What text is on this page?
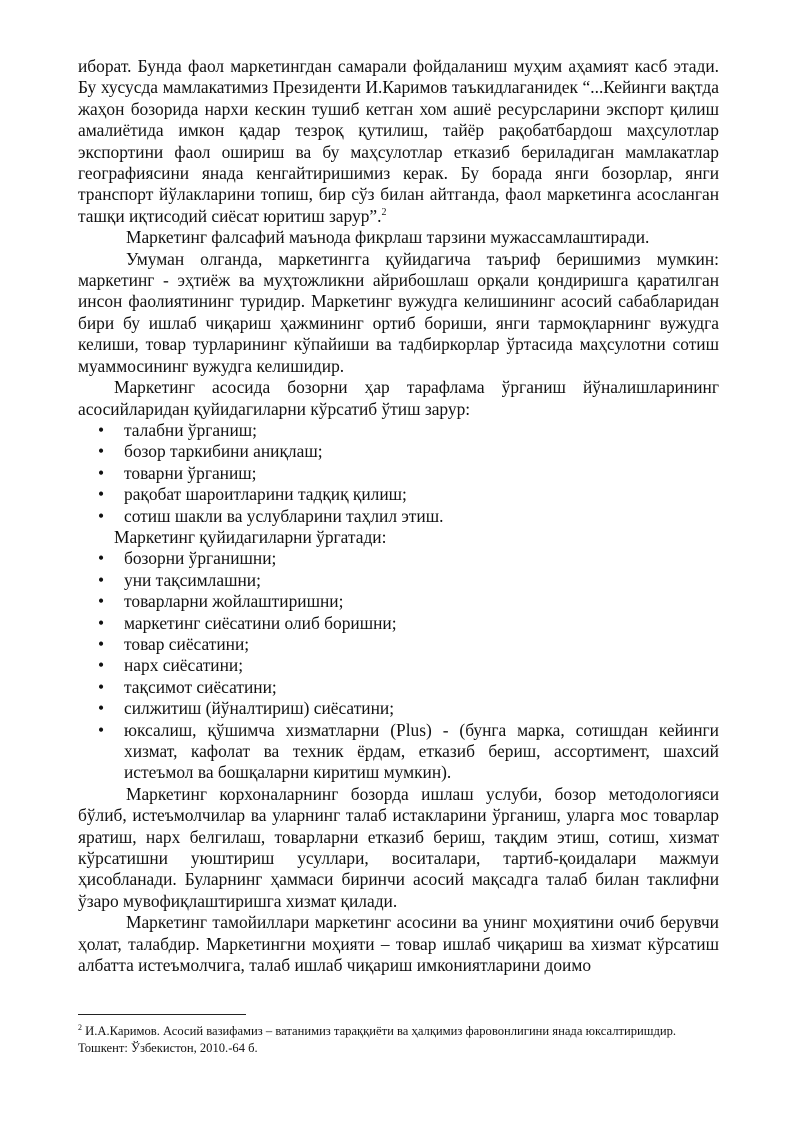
иборат. Бунда фаол маркетингдан самарали фойдаланиш муҳим аҳамият касб этади. Бу хусусда мамлакатимиз Президенти И.Каримов таъкидлаганидек “...Кейинги вақтда жаҳон бозорида нархи кескин тушиб кетган хом ашиё ресурсларини экспорт қилиш амалиётида имкон қадар тезроқ қутилиш, тайёр рақобатбардош маҳсулотлар экспортини фаол ошириш ва бу маҳсулотлар етказиб бериладиган мамлакатлар географиясини янада кенгайтиришимиз керак. Бу борада янги бозорлар, янги транспорт йўлакларини топиш, бир сўз билан айтганда, фаол маркетинга асосланган ташқи иқтисодий сиёсат юритиш зарур”.$^2$

Маркетинг фалсафий маънода фикрлаш тарзини мужассамлаштиради.

Умуман олганда, маркетингга қуйидагича таъриф беришимиз мумкин: маркетинг - эҳтиёж ва муҳтожликни айрибошлаш орқали қондиришга қаратилган инсон фаолиятининг туридир. Маркетинг вужудга келишининг асосий сабабларидан бири бу ишлаб чиқариш ҳажмининг ортиб бориши, янги тармоқларнинг вужудга келиши, товар турларининг кўпайиши ва тадбиркорлар ўртасида маҳсулотни сотиш муаммосининг вужудга келишидир.

Маркетинг асосида бозорни ҳар тарафлама ўрганиш йўналишларининг асосийларидан қуйидагиларни кўрсатиб ўтиш зарур:

• талабни ўрганиш;
• бозор таркибини аниқлаш;
• товарни ўрганиш;
• рақобат шароитларини тадқиқ қилиш;
• сотиш шакли ва услубларини таҳлил этиш.

Маркетинг қуйидагиларни ўргатади:

• бозорни ўрганишни;
• уни тақсимлашни;
• товарларни жойлаштиришни;
• маркетинг сиёсатини олиб боришни;
• товар сиёсатини;
• нарх сиёсатини;
• тақсимот сиёсатини;
• силжитиш (йўналтириш) сиёсатини;
• юксалиш, қўшимча хизматларни (Plus) - (бунга марка, сотишдан кейинги хизмат, кафолат ва техник ёрдам, етказиб бериш, ассортимент, шахсий истеъмол ва бошқаларни киритиш мумкин).

Маркетинг корхоналарнинг бозорда ишлаш услуби, бозор методологияси бўлиб, истеъмолчилар ва уларнинг талаб истакларини ўрганиш, уларга мос товарлар яратиш, нарх белгилаш, товарларни етказиб бериш, тақдим этиш, сотиш, хизмат кўрсатишни уюштириш усуллари, воситалари, тартиб-қоидалари мажмуи ҳисобланади. Буларнинг ҳаммаси биринчи асосий мақсадга талаб билан таклифни ўзаро мувофиқлаштиришга хизмат қилади.

Маркетинг тамойиллари маркетинг асосини ва унинг моҳиятини очиб берувчи ҳолат, талабдир. Маркетингни моҳияти – товар ишлаб чиқариш ва хизмат кўрсатиш албатта истеъмолчига, талаб ишлаб чиқариш имкониятларини доимо

$^2$ И.А.Каримов. Асосий вазифамиз – ватанимиз тараққиёти ва ҳалқимиз фаровонлигини янада юксалтиришдир.
Тошкент: Ўзбекистон, 2010.-64 б.
